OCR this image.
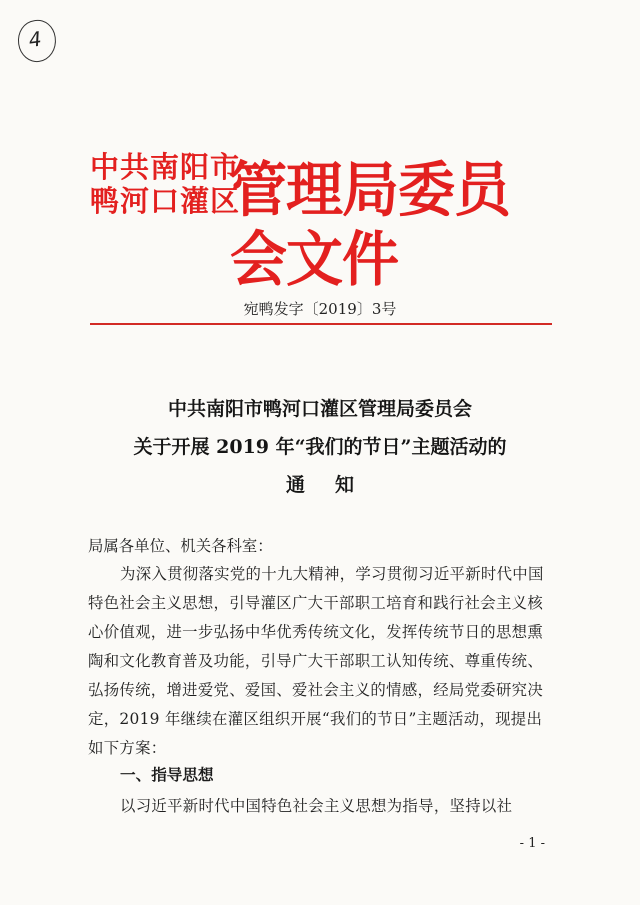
4
中共南阳市
鸭河口灌区
管理局委员会文件
宛鸭发字〔2019〕3号
中共南阳市鸭河口灌区管理局委员会
关于开展 2019 年“我们的节日”主题活动的
通知
局属各单位、机关各科室：
为深入贯彻落实党的十九大精神，学习贯彻习近平新时代中国特色社会主义思想，引导灌区广大干部职工培育和践行社会主义核心价值观，进一步弘扬中华优秀传统文化，发挥传统节日的思想熏陶和文化教育普及功能，引导广大干部职工认知传统、尊重传统、弘扬传统，增进爱党、爱国、爱社会主义的情感，经局党委研究决定，2019 年继续在灌区组织开展“我们的节日”主题活动，现提出如下方案：
一、指导思想
以习近平新时代中国特色社会主义思想为指导，坚持以社
- 1 -
